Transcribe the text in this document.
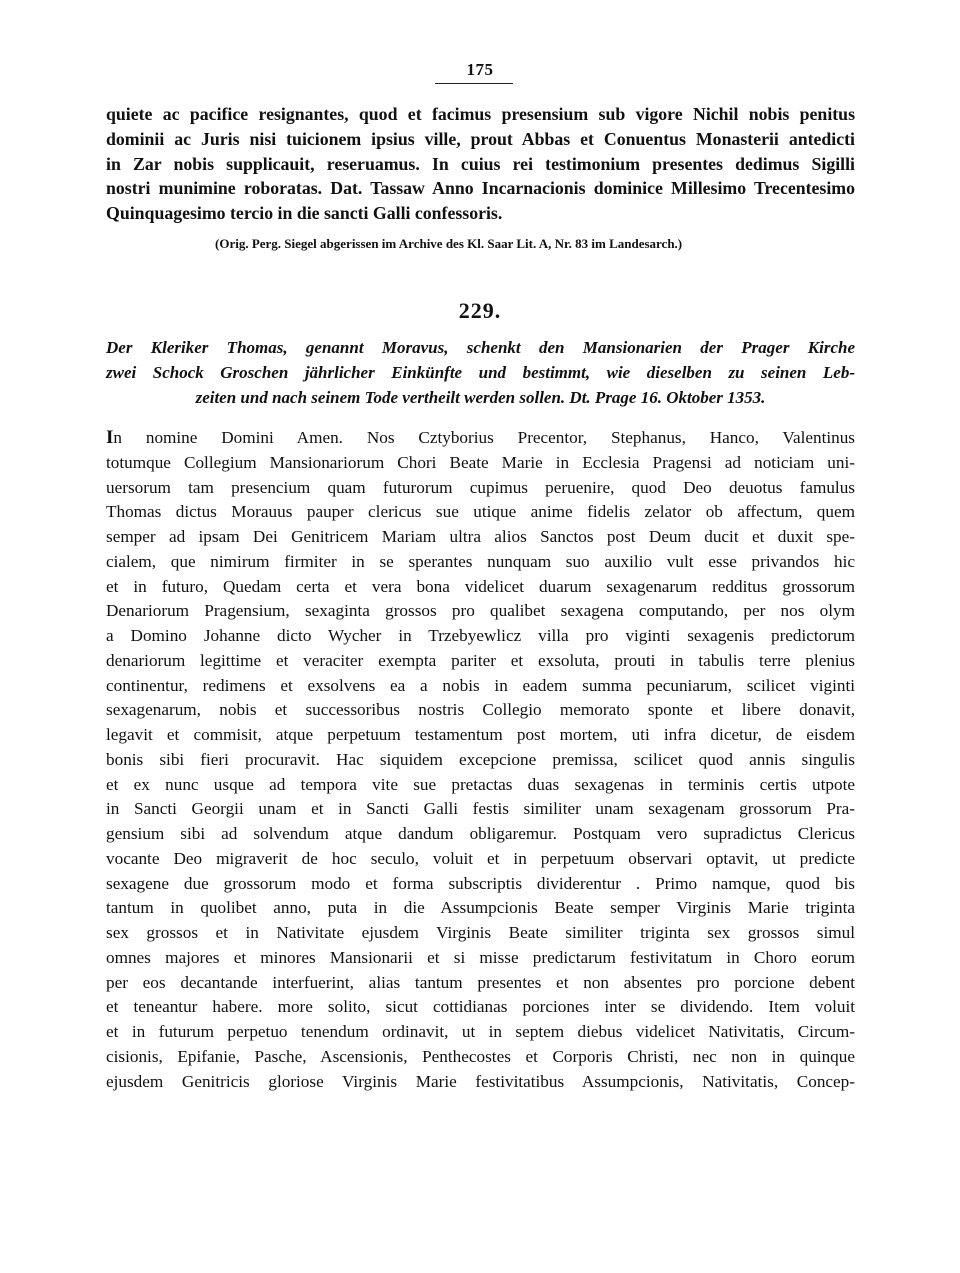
175
quiete ac pacifice resignantes, quod et facimus presensium sub vigore Nichil nobis penitus
dominii ac Juris nisi tuicionem ipsius ville, prout Abbas et Conuentus Monasterii antedicti
in Zar nobis supplicauit, reseruamus. In cuius rei testimonium presentes dedimus Sigilli
nostri munimine roboratas. Dat. Tassaw Anno Incarnacionis dominice Millesimo Trecentesimo
Quinquagesimo tercio in die sancti Galli confessoris.
(Orig. Perg. Siegel abgerissen im Archive des Kl. Saar Lit. A, Nr. 83 im Landesarch.)
229.
Der Kleriker Thomas, genannt Moravus, schenkt den Mansionarien der Prager Kirche
zwei Schock Groschen jährlicher Einkünfte und bestimmt, wie dieselben zu seinen Leb-
zeiten und nach seinem Tode vertheilt werden sollen. Dt. Prage 16. Oktober 1353.
In nomine Domini Amen. Nos Cztyborius Precentor, Stephanus, Hanco, Valentinus
totumque Collegium Mansionariorum Chori Beate Marie in Ecclesia Pragensi ad noticiam uni-
uersorum tam presencium quam futurorum cupimus peruenire, quod Deo deuotus famulus
Thomas dictus Morauus pauper clericus sue utique anime fidelis zelator ob affectum, quem
semper ad ipsam Dei Genitricem Mariam ultra alios Sanctos post Deum ducit et duxit spe-
cialem, que nimirum firmiter in se sperantes nunquam suo auxilio vult esse privandos hic
et in futuro, Quedam certa et vera bona videlicet duarum sexagenarum redditus grossorum
Denariorum Pragensium, sexaginta grossos pro qualibet sexagena computando, per nos olym
a Domino Johanne dicto Wycher in Trzebyewlicz villa pro viginti sexagenis predictorum
denariorum legittime et veraciter exempta pariter et exsoluta, prouti in tabulis terre plenius
continentur, redimens et exsolvens ea a nobis in eadem summa pecuniarum, scilicet viginti
sexagenarum, nobis et successoribus nostris Collegio memorato sponte et libere donavit,
legavit et commisit, atque perpetuum testamentum post mortem, uti infra dicetur, de eisdem
bonis sibi fieri procuravit. Hac siquidem excepcione premissa, scilicet quod annis singulis
et ex nunc usque ad tempora vite sue pretactas duas sexagenas in terminis certis utpote
in Sancti Georgii unam et in Sancti Galli festis similiter unam sexagenam grossorum Pra-
gensium sibi ad solvendum atque dandum obligaremur. Postquam vero supradictus Clericus
vocante Deo migraverit de hoc seculo, voluit et in perpetuum observari optavit, ut predicte
sexagene due grossorum modo et forma subscriptis dividerentur . Primo namque, quod bis
tantum in quolibet anno, puta in die Assumpcionis Beate semper Virginis Marie triginta
sex grossos et in Nativitate ejusdem Virginis Beate similiter triginta sex grossos simul
omnes majores et minores Mansionarii et si misse predictarum festivitatum in Choro eorum
per eos decantande interfuerint, alias tantum presentes et non absentes pro porcione debent
et teneantur habere. more solito, sicut cottidianas porciones inter se dividendo. Item voluit
et in futurum perpetuo tenendum ordinavit, ut in septem diebus videlicet Nativitatis, Circum-
cisionis, Epifanie, Pasche, Ascensionis, Penthecostes et Corporis Christi, nec non in quinque
ejusdem Genitricis gloriose Virginis Marie festivitatibus Assumpcionis, Nativitatis, Concep-
